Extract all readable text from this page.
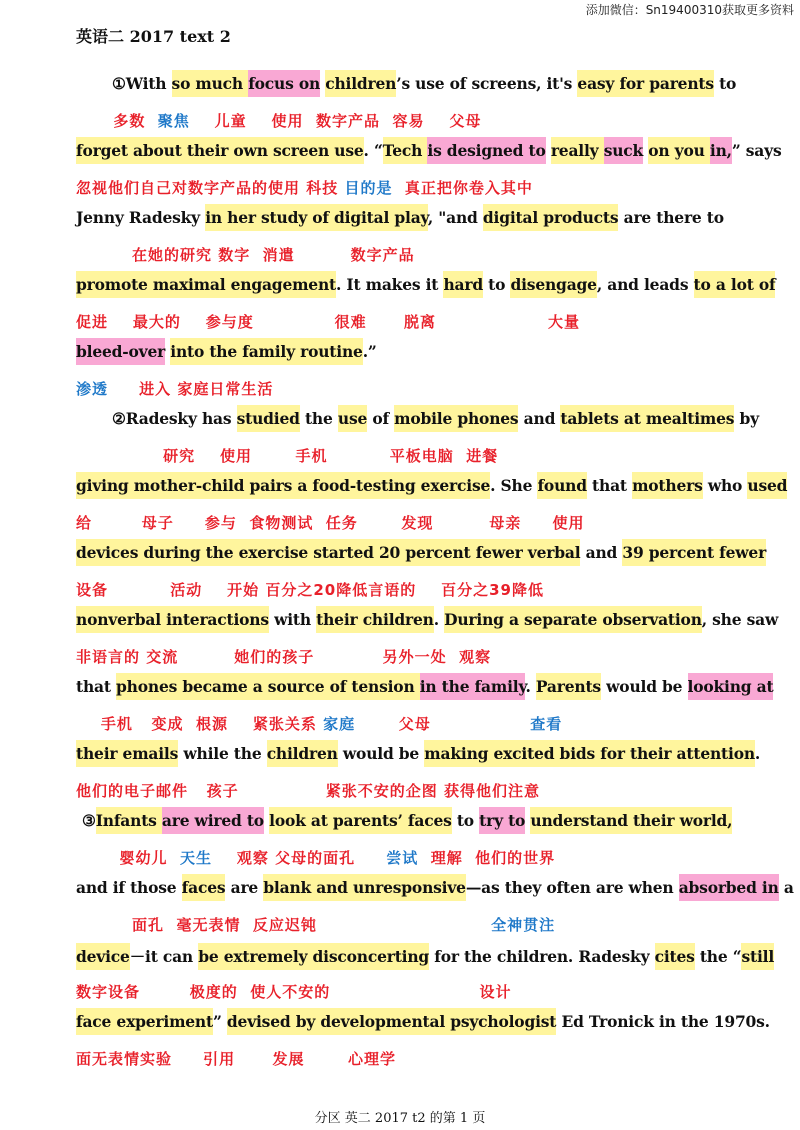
添加微信：Sn19400310获取更多资料
英语二 2017 text 2
①With so much focus on children’s use of screens, it's easy for parents to
forget about their own screen use. “Tech is designed to really suck on you in,” says
Jenny Radesky in her study of digital play, "and digital products are there to
promote maximal engagement. It makes it hard to disengage, and leads to a lot of
bleed-over into the family routine.”
②Radesky has studied the use of mobile phones and tablets at mealtimes by
giving mother-child pairs a food-testing exercise. She found that mothers who used
devices during the exercise started 20 percent fewer verbal and 39 percent fewer
nonverbal interactions with their children. During a separate observation, she saw
that phones became a source of tension in the family. Parents would be looking at
their emails while the children would be making excited bids for their attention.
③Infants are wired to look at parents’ faces to try to understand their world,
and if those faces are blank and unresponsive—as they often are when absorbed in a
device－it can be extremely disconcerting for the children. Radesky cites the “still
face experiment” devised by developmental psychologist Ed Tronick in the 1970s.
多数  聚焦    儿童    使用  数字产品  容易    父母
忽视他们自己对数字产品的使用 科技 目的是  真正把你卷入其中
在她的研究 数字  消遣         数字产品
促进    最大的    参与度             很难      脱离                  大量
渗透     进入 家庭日常生活
研究    使用       手机          平板电脑  进餐
给        母子     参与  食物测试  任务       发现         母亲     使用
设备          活动    开始 百分之20降低言语的    百分之39降低
非语言的 交流         她们的孩子           另外一处  观察
手机   变成  根源    紧张关系 家庭       父母                查看
他们的电子邮件   孩子              紧张不安的企图 获得他们注意
婴幼儿  天生    观察 父母的面孔     尝试  理解  他们的世界
面孔  毫无表情  反应迟钝                            全神贯注
数字设备        极度的  使人不安的                        设计
面无表情实验     引用      发展       心理学
分区 英二 2017 t2 的第 1 页
